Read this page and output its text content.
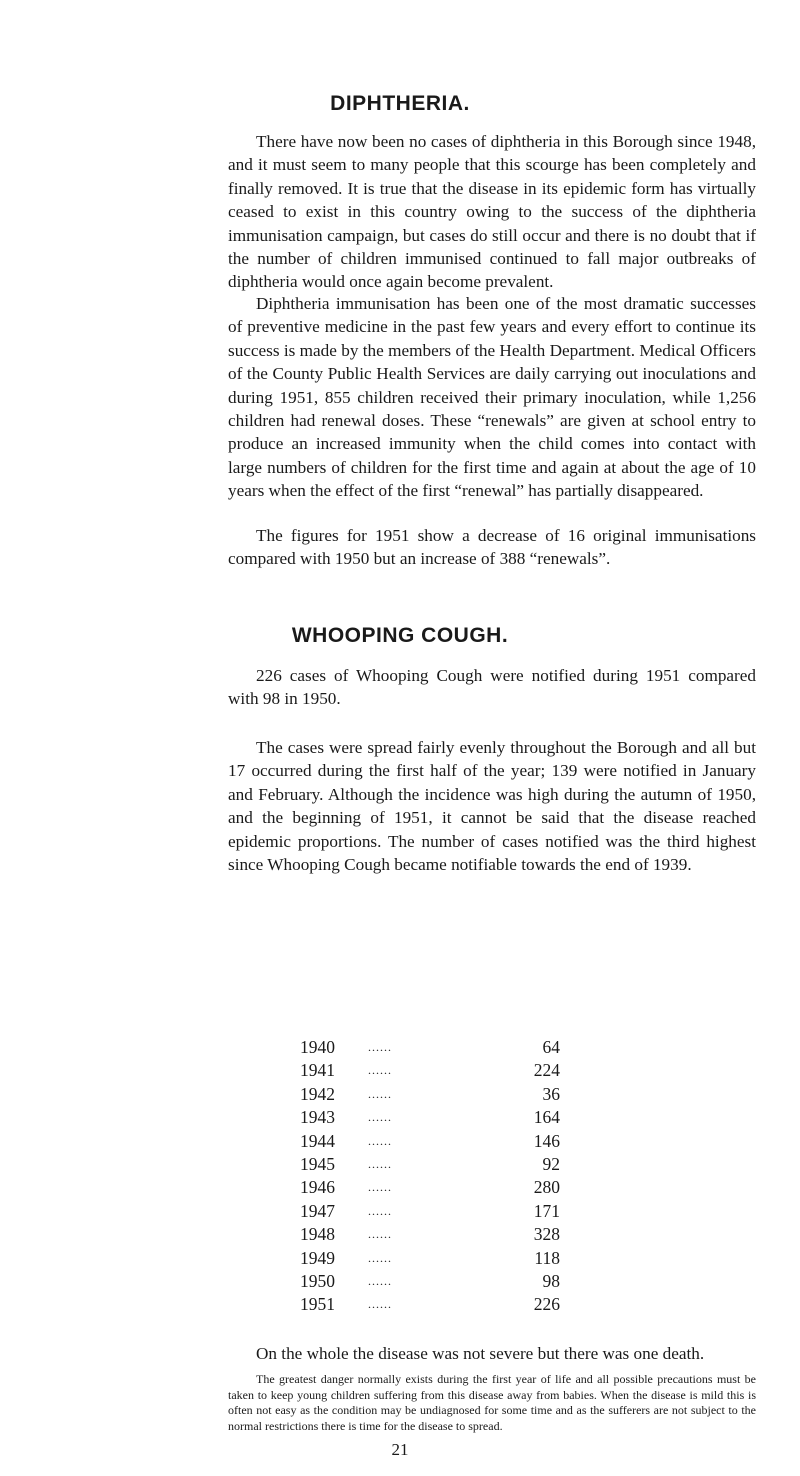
DIPHTHERIA.

There have now been no cases of diphtheria in this Borough since 1948, and it must seem to many people that this scourge has been completely and finally removed. It is true that the disease in its epidemic form has virtually ceased to exist in this country owing to the success of the diphtheria immunisation campaign, but cases do still occur and there is no doubt that if the number of children immunised continued to fall major outbreaks of diphtheria would once again become prevalent.

Diphtheria immunisation has been one of the most dramatic successes of preventive medicine in the past few years and every effort to continue its success is made by the members of the Health Department. Medical Officers of the County Public Health Services are daily carrying out inoculations and during 1951, 855 children received their primary inoculation, while 1,256 children had renewal doses. These “renewals” are given at school entry to produce an increased immunity when the child comes into contact with large numbers of children for the first time and again at about the age of 10 years when the effect of the first “renewal” has partially disappeared.

The figures for 1951 show a decrease of 16 original immunisations compared with 1950 but an increase of 388 “renewals”.

WHOOPING COUGH.

226 cases of Whooping Cough were notified during 1951 compared with 98 in 1950.

The cases were spread fairly evenly throughout the Borough and all but 17 occurred during the first half of the year; 139 were notified in January and February. Although the incidence was high during the autumn of 1950, and the beginning of 1951, it cannot be said that the disease reached epidemic proportions. The number of cases notified was the third highest since Whooping Cough became notifiable towards the end of 1939.

1940	......	64
1941	......	224
1942	......	36
1943	......	164
1944	......	146
1945	......	92
1946	......	280
1947	......	171
1948	......	328
1949	......	118
1950	......	98
1951	......	226

On the whole the disease was not severe but there was one death.

The greatest danger normally exists during the first year of life and all possible precautions must be taken to keep young children suffering from this disease away from babies. When the disease is mild this is often not easy as the condition may be undiagnosed for some time and as the sufferers are not subject to the normal restrictions there is time for the disease to spread.

21
